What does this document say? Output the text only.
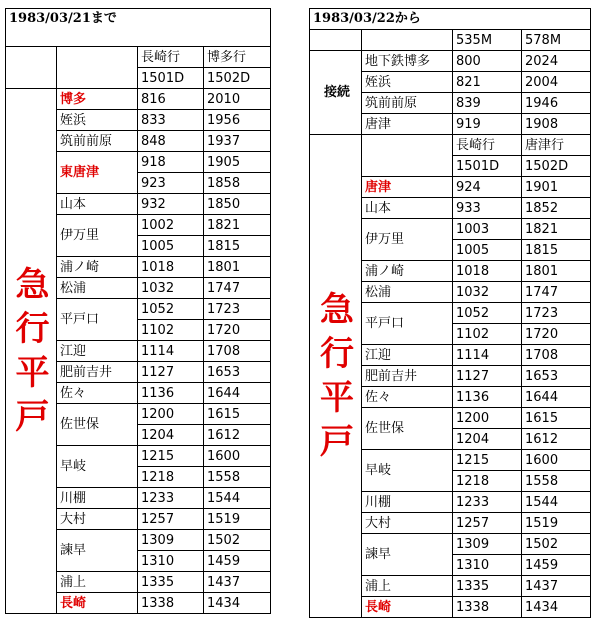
1983/03/21まで			
		長崎行	博多行
		1501D	1502D

急
行
平
戸	博多	816	2010
	姪浜	833	1956
	筑前前原	848	1937
	東唐津	918	1905
		923	1858
	山本	932	1850
	伊万里	1002	1821
		1005	1815
	浦ノ崎	1018	1801
	松浦	1032	1747
	平戸口	1052	1723
		1102	1720
	江迎	1114	1708
	肥前吉井	1127	1653
	佐々	1136	1644
	佐世保	1200	1615
		1204	1612
	早岐	1215	1600
		1218	1558
	川棚	1233	1544
	大村	1257	1519
	諫早	1309	1502
		1310	1459
	浦上	1335	1437
	長崎	1338	1434
1983/03/22から			
		535M	578M
接続	地下鉄博多	800	2024
	姪浜	821	2004
	筑前前原	839	1946
	唐津	919	1908

急
行
平
戸		長崎行	唐津行
		1501D	1502D
	唐津	924	1901
	山本	933	1852
	伊万里	1003	1821
		1005	1815
	浦ノ崎	1018	1801
	松浦	1032	1747
	平戸口	1052	1723
		1102	1720
	江迎	1114	1708
	肥前吉井	1127	1653
	佐々	1136	1644
	佐世保	1200	1615
		1204	1612
	早岐	1215	1600
		1218	1558
	川棚	1233	1544
	大村	1257	1519
	諫早	1309	1502
		1310	1459
	浦上	1335	1437
	長崎	1338	1434
